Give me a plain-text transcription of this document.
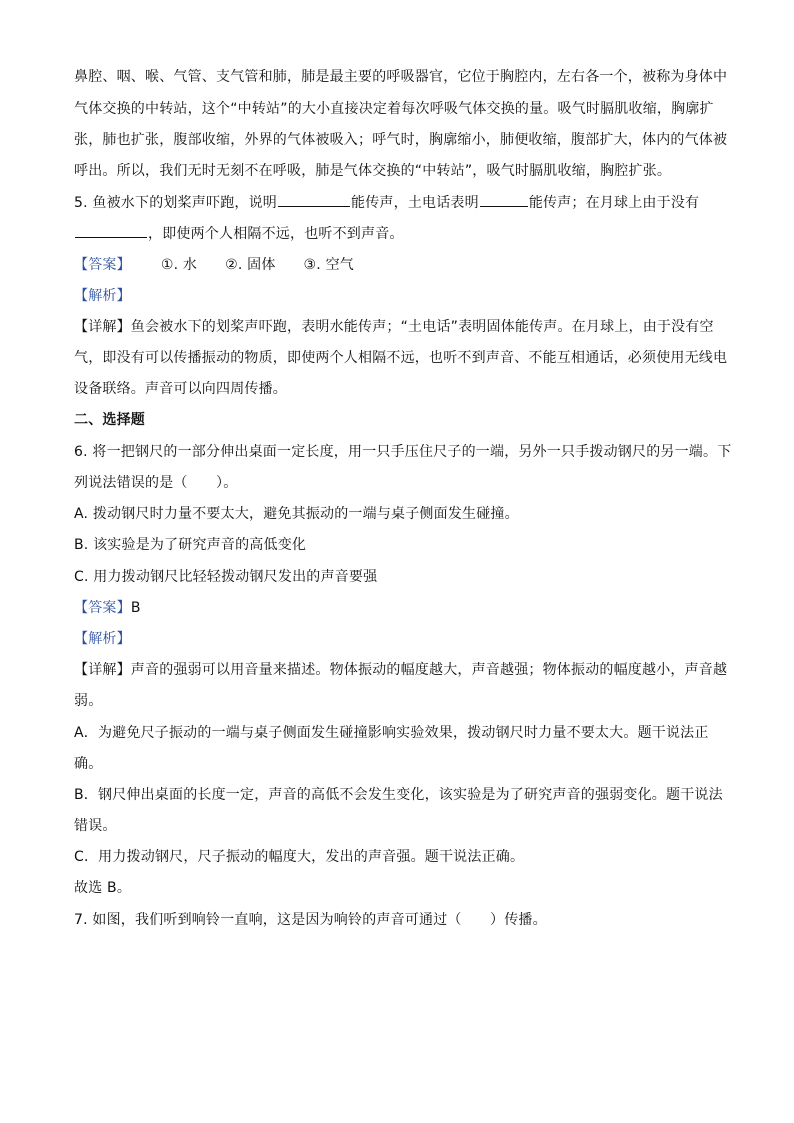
鼻腔、咽、喉、气管、支气管和肺，肺是最主要的呼吸器官，它位于胸腔内，左右各一个，被称为身体中
气体交换的中转站，这个“中转站”的大小直接决定着每次呼吸气体交换的量。吸气时膈肌收缩，胸廓扩
张，肺也扩张，腹部收缩，外界的气体被吸入；呼气时，胸廓缩小，肺便收缩，腹部扩大，体内的气体被
呼出。所以，我们无时无刻不在呼吸，肺是气体交换的“中转站”，吸气时膈肌收缩，胸腔扩张。
5. 鱼被水下的划桨声吓跑，说明	能传声，土电话表明	能传声；在月球上由于没有
，即使两个人相隔不远，也听不到声音。
【答案】 ①. 水 ②. 固体 ③. 空气
【解析】
【详解】鱼会被水下的划桨声吓跑，表明水能传声；“土电话”表明固体能传声。在月球上，由于没有空
气，即没有可以传播振动的物质，即使两个人相隔不远，也听不到声音、不能互相通话，必须使用无线电
设备联络。声音可以向四周传播。
二、选择题
6. 将一把钢尺的一部分伸出桌面一定长度，用一只手压住尺子的一端，另外一只手拨动钢尺的另一端。下
列说法错误的是（　　）。
A. 拨动钢尺时力量不要太大，避免其振动的一端与桌子侧面发生碰撞。
B. 该实验是为了研究声音的高低变化
C. 用力拨动钢尺比轻轻拨动钢尺发出的声音要强
【答案】B
【解析】
【详解】声音的强弱可以用音量来描述。物体振动的幅度越大，声音越强；物体振动的幅度越小，声音越
弱。
A．为避免尺子振动的一端与桌子侧面发生碰撞影响实验效果，拨动钢尺时力量不要太大。题干说法正
确。
B．钢尺伸出桌面的长度一定，声音的高低不会发生变化，该实验是为了研究声音的强弱变化。题干说法
错误。
C．用力拨动钢尺，尺子振动的幅度大，发出的声音强。题干说法正确。
故选 B。
7. 如图，我们听到响铃一直响，这是因为响铃的声音可通过（　　）传播。
